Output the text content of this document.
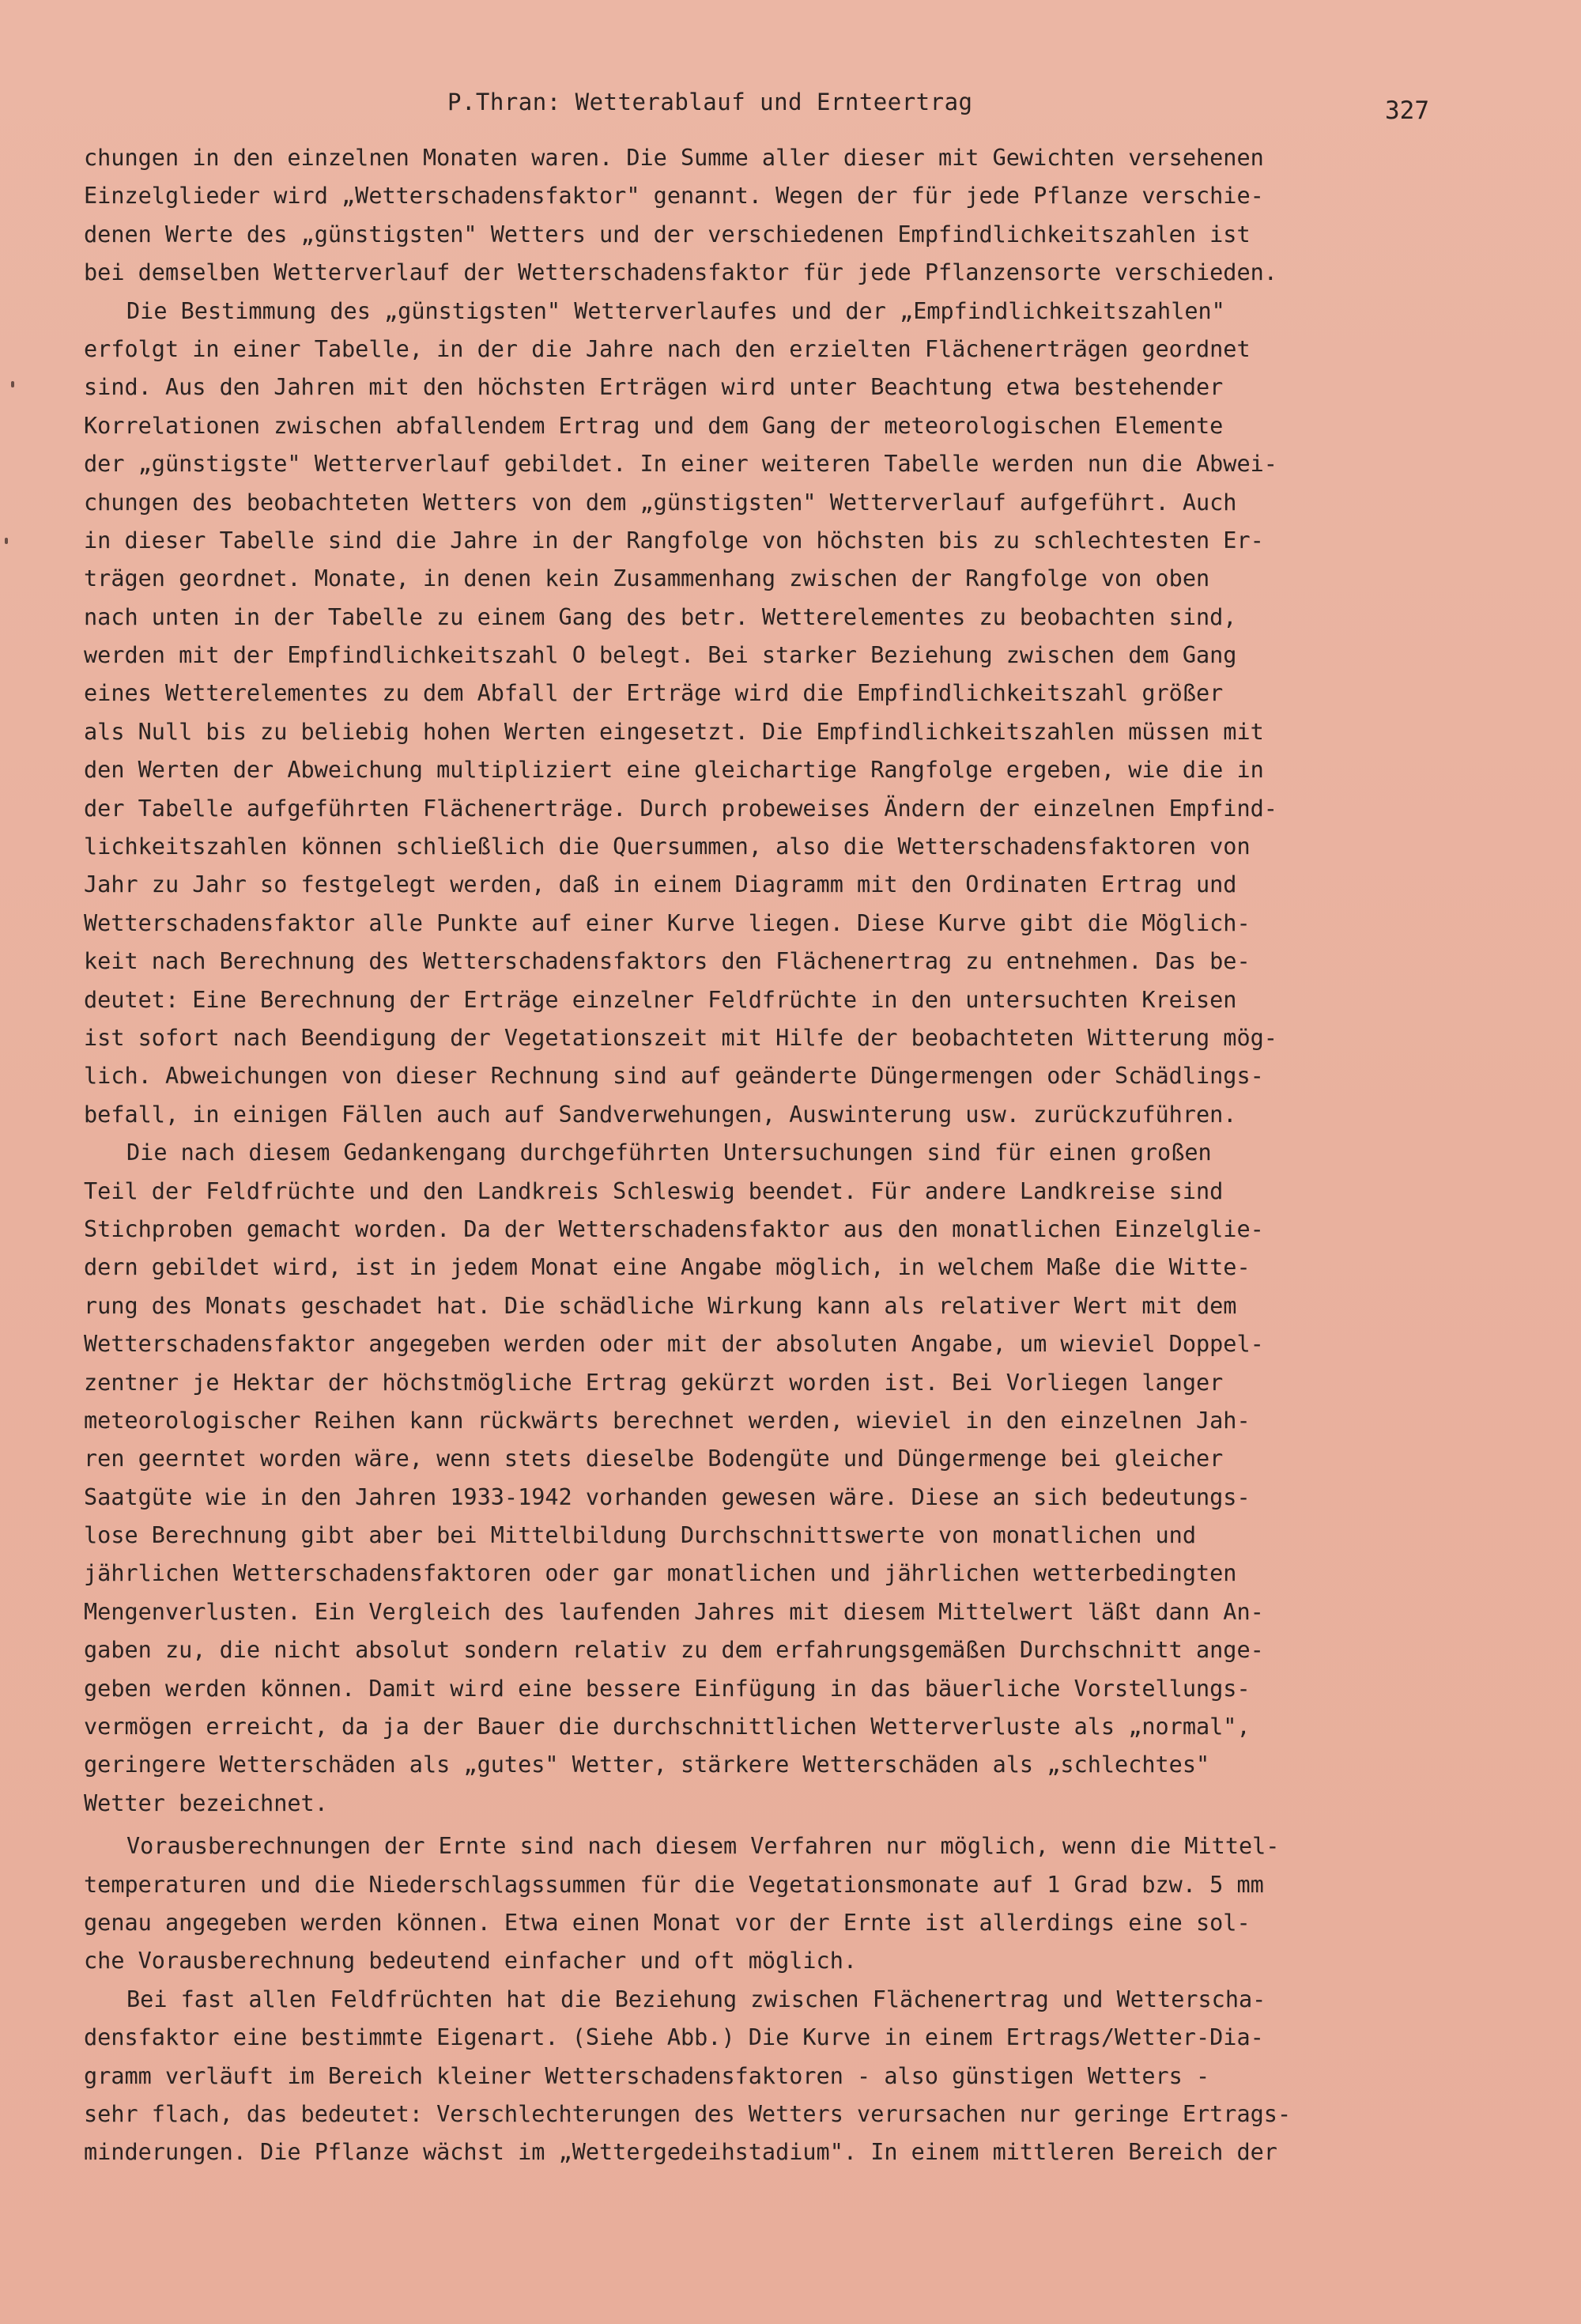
P.Thran: Wetterablauf und Ernteertrag	327
chungen in den einzelnen Monaten waren. Die Summe aller dieser mit Gewichten versehenen
Einzelglieder wird „Wetterschadensfaktor" genannt. Wegen der für jede Pflanze verschie-
denen Werte des „günstigsten" Wetters und der verschiedenen Empfindlichkeitszahlen ist
bei demselben Wetterverlauf der Wetterschadensfaktor für jede Pflanzensorte verschieden.
Die Bestimmung des „günstigsten" Wetterverlaufes und der „Empfindlichkeitszahlen"
erfolgt in einer Tabelle, in der die Jahre nach den erzielten Flächenerträgen geordnet
sind. Aus den Jahren mit den höchsten Erträgen wird unter Beachtung etwa bestehender
Korrelationen zwischen abfallendem Ertrag und dem Gang der meteorologischen Elemente
der „günstigste" Wetterverlauf gebildet. In einer weiteren Tabelle werden nun die Abwei-
chungen des beobachteten Wetters von dem „günstigsten" Wetterverlauf aufgeführt. Auch
in dieser Tabelle sind die Jahre in der Rangfolge von höchsten bis zu schlechtesten Er-
trägen geordnet. Monate, in denen kein Zusammenhang zwischen der Rangfolge von oben
nach unten in der Tabelle zu einem Gang des betr. Wetterelementes zu beobachten sind,
werden mit der Empfindlichkeitszahl O belegt. Bei starker Beziehung zwischen dem Gang
eines Wetterelementes zu dem Abfall der Erträge wird die Empfindlichkeitszahl größer
als Null bis zu beliebig hohen Werten eingesetzt. Die Empfindlichkeitszahlen müssen mit
den Werten der Abweichung multipliziert eine gleichartige Rangfolge ergeben, wie die in
der Tabelle aufgeführten Flächenerträge. Durch probeweises Ändern der einzelnen Empfind-
lichkeitszahlen können schließlich die Quersummen, also die Wetterschadensfaktoren von
Jahr zu Jahr so festgelegt werden, daß in einem Diagramm mit den Ordinaten Ertrag und
Wetterschadensfaktor alle Punkte auf einer Kurve liegen. Diese Kurve gibt die Möglich-
keit nach Berechnung des Wetterschadensfaktors den Flächenertrag zu entnehmen. Das be-
deutet: Eine Berechnung der Erträge einzelner Feldfrüchte in den untersuchten Kreisen
ist sofort nach Beendigung der Vegetationszeit mit Hilfe der beobachteten Witterung mög-
lich. Abweichungen von dieser Rechnung sind auf geänderte Düngermengen oder Schädlings-
befall, in einigen Fällen auch auf Sandverwehungen, Auswinterung usw. zurückzuführen.
Die nach diesem Gedankengang durchgeführten Untersuchungen sind für einen großen
Teil der Feldfrüchte und den Landkreis Schleswig beendet. Für andere Landkreise sind
Stichproben gemacht worden. Da der Wetterschadensfaktor aus den monatlichen Einzelglie-
dern gebildet wird, ist in jedem Monat eine Angabe möglich, in welchem Maße die Witte-
rung des Monats geschadet hat. Die schädliche Wirkung kann als relativer Wert mit dem
Wetterschadensfaktor angegeben werden oder mit der absoluten Angabe, um wieviel Doppel-
zentner je Hektar der höchstmögliche Ertrag gekürzt worden ist. Bei Vorliegen langer
meteorologischer Reihen kann rückwärts berechnet werden, wieviel in den einzelnen Jah-
ren geerntet worden wäre, wenn stets dieselbe Bodengüte und Düngermenge bei gleicher
Saatgüte wie in den Jahren 1933-1942 vorhanden gewesen wäre. Diese an sich bedeutungs-
lose Berechnung gibt aber bei Mittelbildung Durchschnittswerte von monatlichen und
jährlichen Wetterschadensfaktoren oder gar monatlichen und jährlichen wetterbedingten
Mengenverlusten. Ein Vergleich des laufenden Jahres mit diesem Mittelwert läßt dann An-
gaben zu, die nicht absolut sondern relativ zu dem erfahrungsgemäßen Durchschnitt ange-
geben werden können. Damit wird eine bessere Einfügung in das bäuerliche Vorstellungs-
vermögen erreicht, da ja der Bauer die durchschnittlichen Wetterverluste als „normal",
geringere Wetterschäden als „gutes" Wetter, stärkere Wetterschäden als „schlechtes"
Wetter bezeichnet.
Vorausberechnungen der Ernte sind nach diesem Verfahren nur möglich, wenn die Mittel-
temperaturen und die Niederschlagssummen für die Vegetationsmonate auf 1 Grad bzw. 5 mm
genau angegeben werden können. Etwa einen Monat vor der Ernte ist allerdings eine sol-
che Vorausberechnung bedeutend einfacher und oft möglich.
Bei fast allen Feldfrüchten hat die Beziehung zwischen Flächenertrag und Wetterscha-
densfaktor eine bestimmte Eigenart. (Siehe Abb.) Die Kurve in einem Ertrags/Wetter-Dia-
gramm verläuft im Bereich kleiner Wetterschadensfaktoren - also günstigen Wetters -
sehr flach, das bedeutet: Verschlechterungen des Wetters verursachen nur geringe Ertrags-
minderungen. Die Pflanze wächst im „Wettergedeihstadium". In einem mittleren Bereich der
